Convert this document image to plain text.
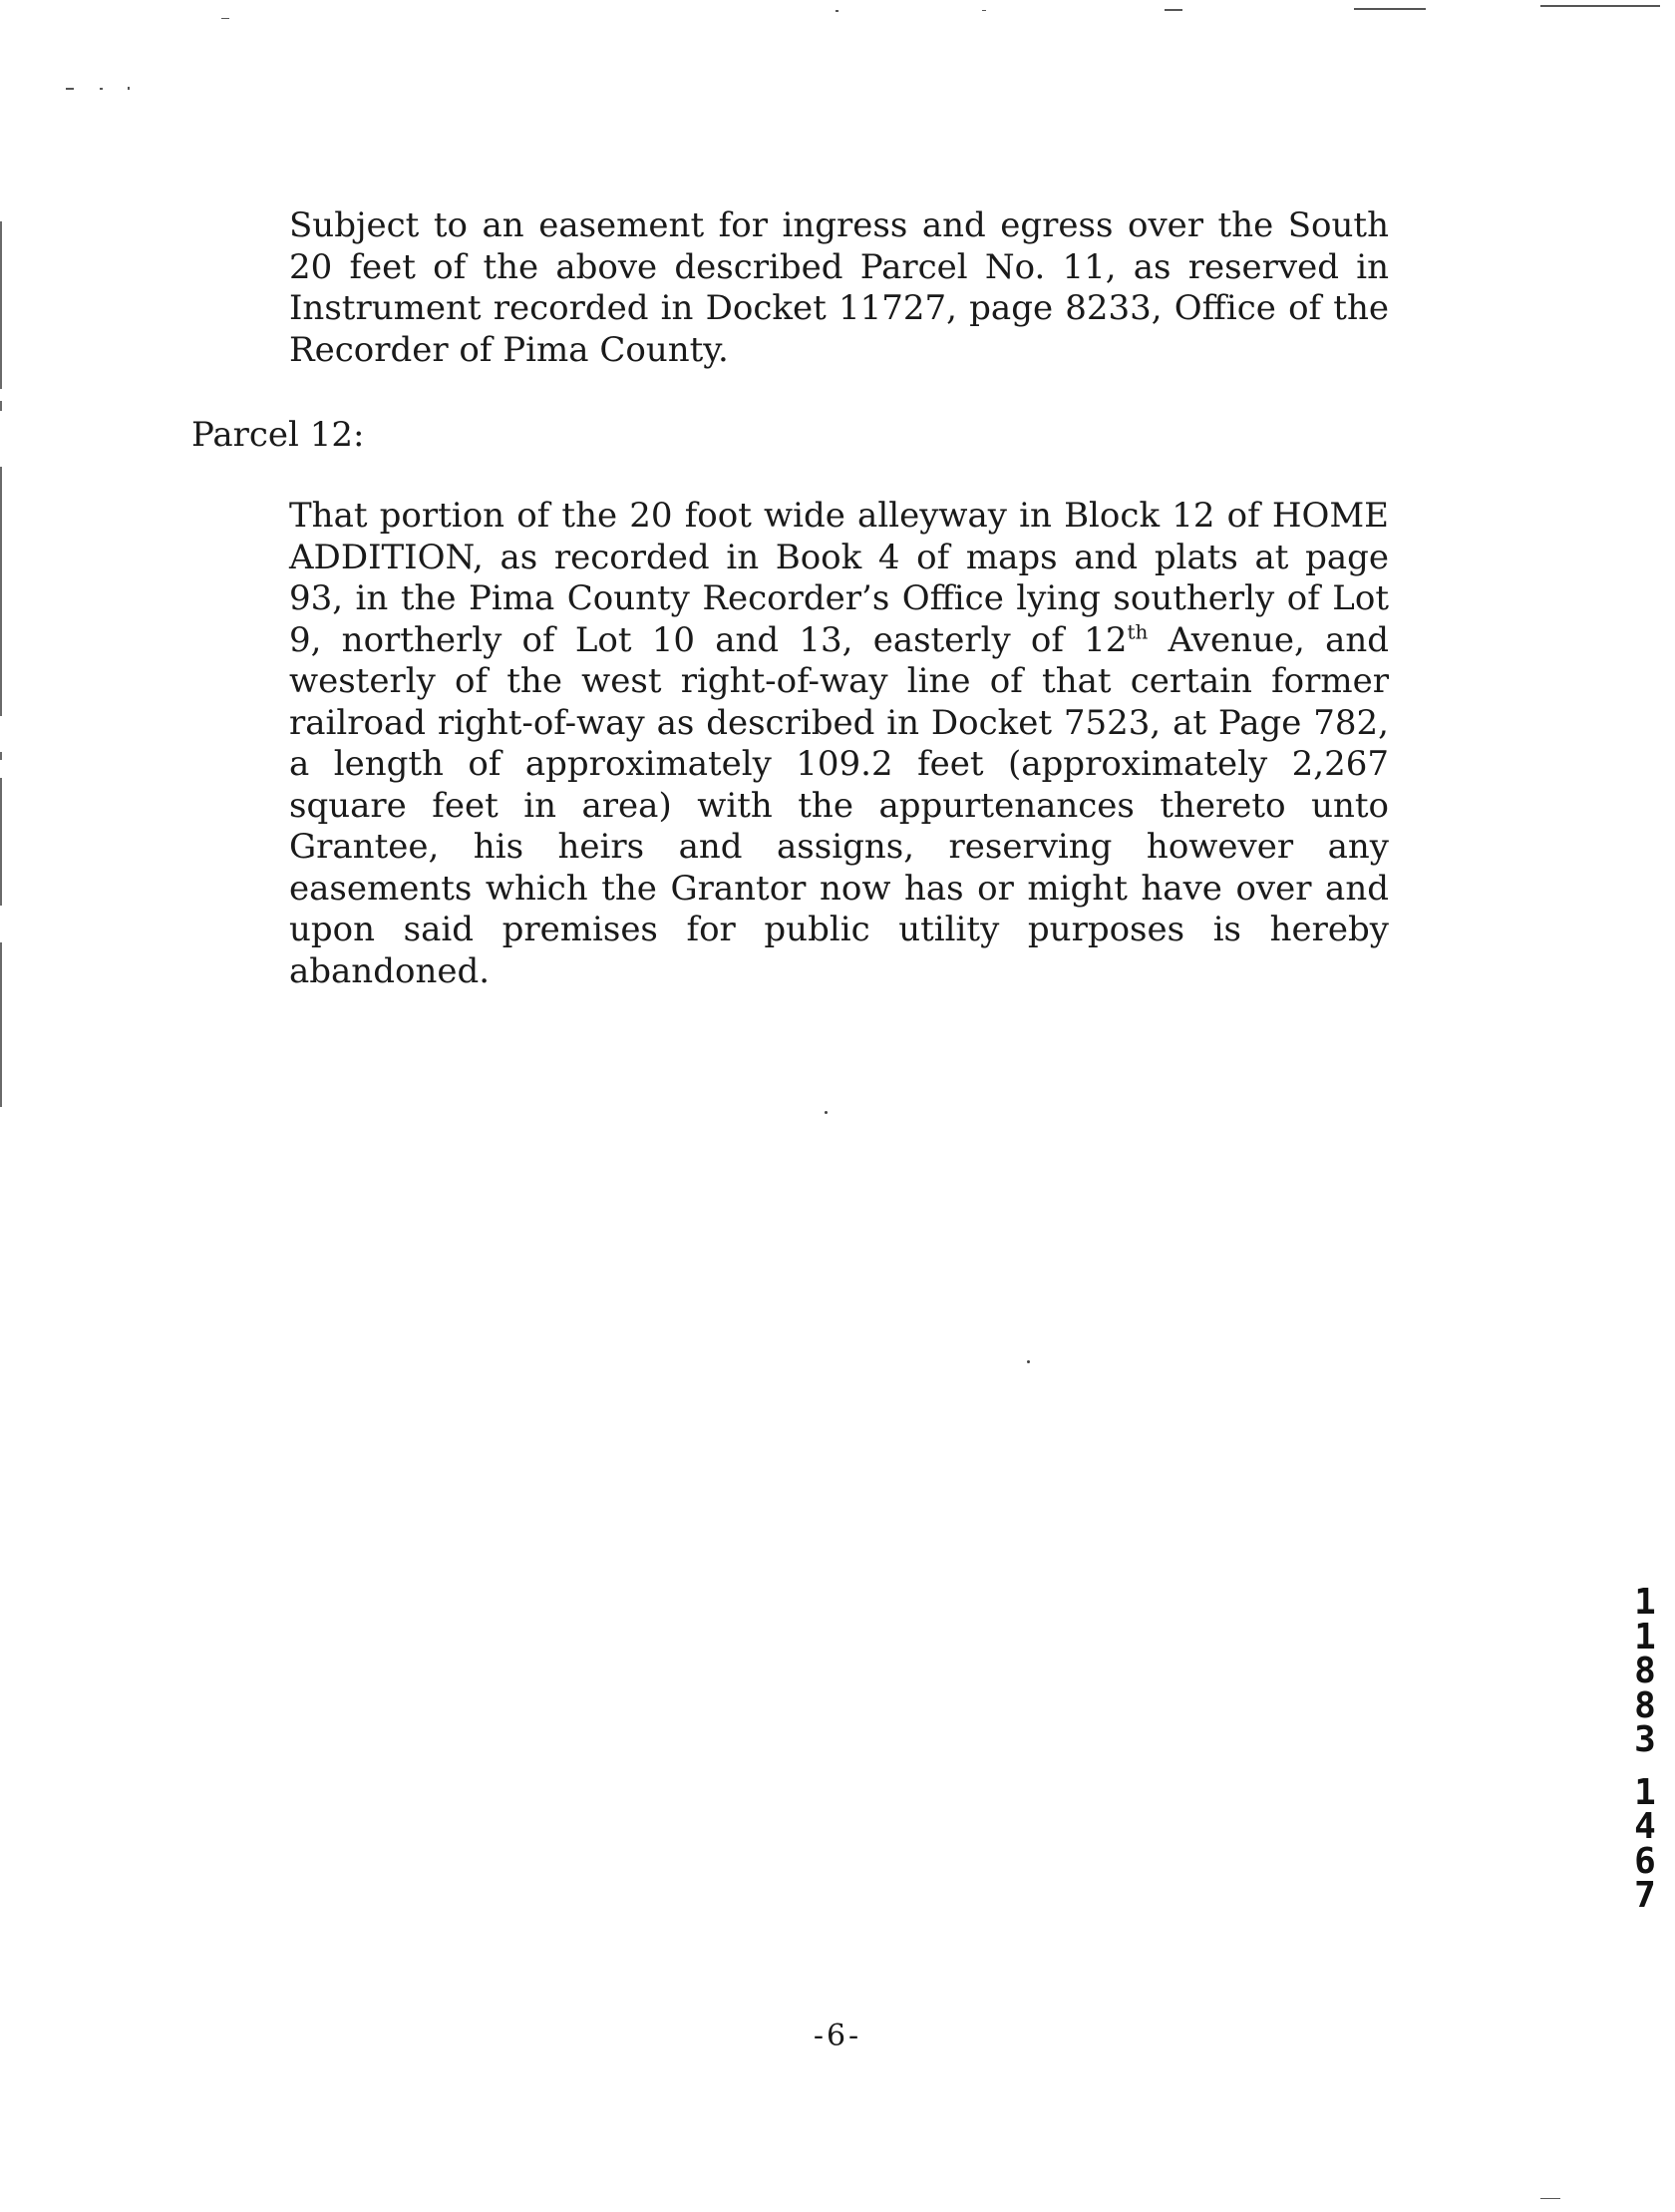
Subject to an easement for ingress and egress over the South 20 feet of the above described Parcel No. 11, as reserved in Instrument recorded in Docket 11727, page 8233, Office of the Recorder of Pima County.
Parcel 12:
That portion of the 20 foot wide alleyway in Block 12 of HOME ADDITION, as recorded in Book 4 of maps and plats at page 93, in the Pima County Recorder’s Office lying southerly of Lot 9, northerly of Lot 10 and 13, easterly of 12th Avenue, and westerly of the west right-of-way line of that certain former railroad right-of-way as described in Docket 7523, at Page 782, a length of approximately 109.2 feet (approximately 2,267 square feet in area) with the appurtenances thereto unto Grantee, his heirs and assigns, reserving however any easements which the Grantor now has or might have over and upon said premises for public utility purposes is hereby abandoned.
1
1
8
8
3
1
4
6
7
-6-
